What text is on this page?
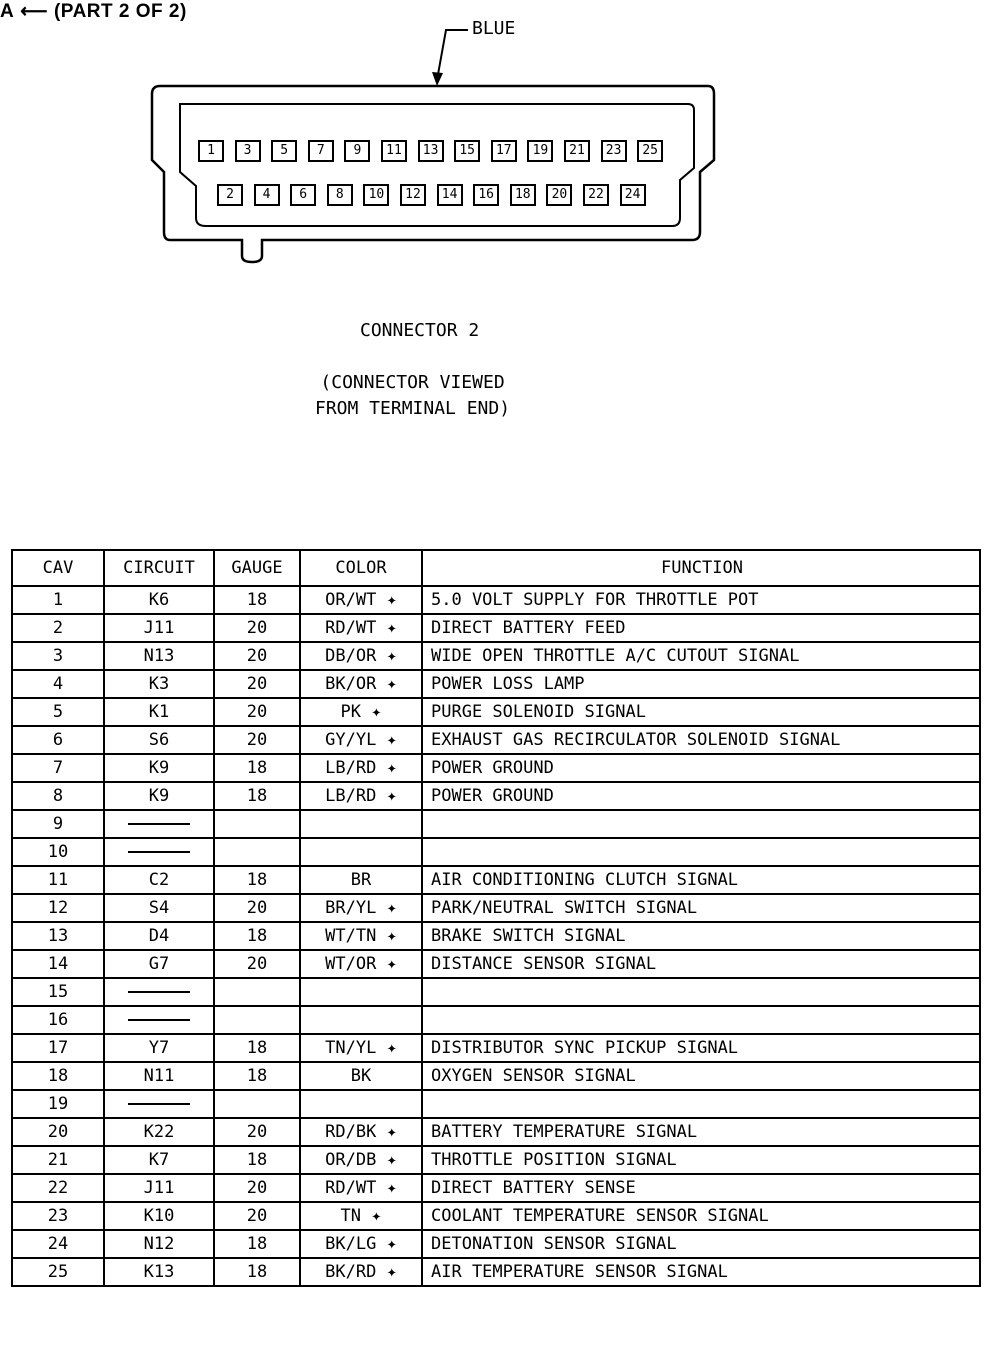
A ⟵ (PART 2 OF 2)
BLUE
1	3	5	7	9	11	13	15	17	19	21	23	25
2	4	6	8	10	12	14	16	18	20	22	24
CONNECTOR 2
(CONNECTOR VIEWED
FROM TERMINAL END)
CAV	CIRCUIT	GAUGE	COLOR	FUNCTION
1	K6	18	OR/WT ✦	5.0 VOLT SUPPLY FOR THROTTLE POT
2	J11	20	RD/WT ✦	DIRECT BATTERY FEED
3	N13	20	DB/OR ✦	WIDE OPEN THROTTLE A/C CUTOUT SIGNAL
4	K3	20	BK/OR ✦	POWER LOSS LAMP
5	K1	20	PK ✦	PURGE SOLENOID SIGNAL
6	S6	20	GY/YL ✦	EXHAUST GAS RECIRCULATOR SOLENOID SIGNAL
7	K9	18	LB/RD ✦	POWER GROUND
8	K9	18	LB/RD ✦	POWER GROUND
9				
10				
11	C2	18	BR	AIR CONDITIONING CLUTCH SIGNAL
12	S4	20	BR/YL ✦	PARK/NEUTRAL SWITCH SIGNAL
13	D4	18	WT/TN ✦	BRAKE SWITCH SIGNAL
14	G7	20	WT/OR ✦	DISTANCE SENSOR SIGNAL
15				
16				
17	Y7	18	TN/YL ✦	DISTRIBUTOR SYNC PICKUP SIGNAL
18	N11	18	BK	OXYGEN SENSOR SIGNAL
19				
20	K22	20	RD/BK ✦	BATTERY TEMPERATURE SIGNAL
21	K7	18	OR/DB ✦	THROTTLE POSITION SIGNAL
22	J11	20	RD/WT ✦	DIRECT BATTERY SENSE
23	K10	20	TN ✦	COOLANT TEMPERATURE SENSOR SIGNAL
24	N12	18	BK/LG ✦	DETONATION SENSOR SIGNAL
25	K13	18	BK/RD ✦	AIR TEMPERATURE SENSOR SIGNAL
